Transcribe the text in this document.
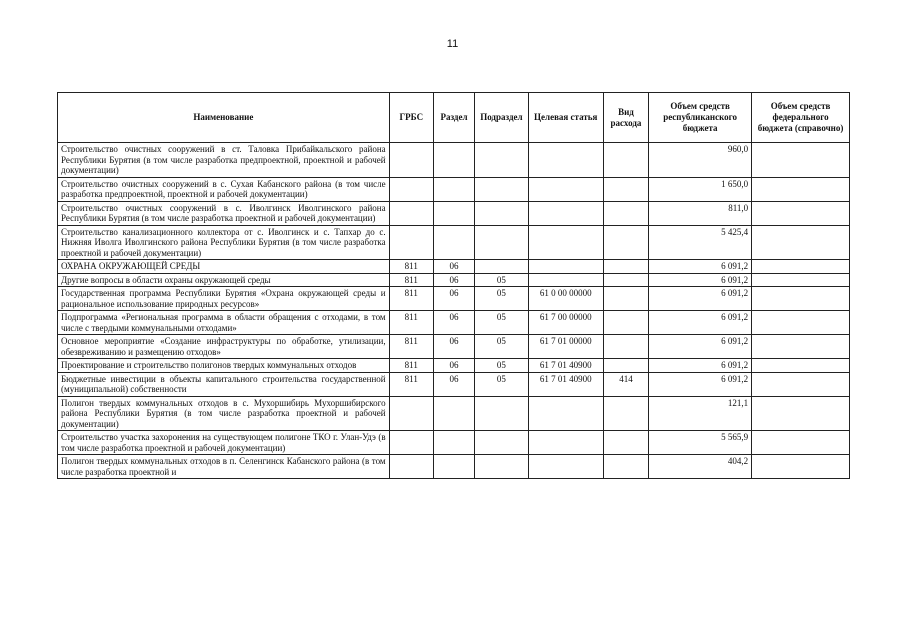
11
Наименование	ГРБС	Раздел	Подраздел	Целевая статья	Вид расхода	Объем средств республиканского бюджета	Объем средств федерального бюджета (справочно)
Строительство очистных сооружений в ст. Таловка Прибайкальского района Республики Бурятия (в том числе разработка предпроектной, проектной и рабочей документации)						960,0	
Строительство очистных сооружений в с. Сухая Кабанского района (в том числе разработка предпроектной, проектной и рабочей документации)						1 650,0	
Строительство очистных сооружений в с. Иволгинск Иволгинского района Республики Бурятия (в том числе разработка проектной и рабочей документации)						811,0	
Строительство канализационного коллектора от с. Иволгинск и с. Тапхар до с. Нижняя Иволга Иволгинского района Республики Бурятия (в том числе разработка проектной и рабочей документации)						5 425,4	
ОХРАНА ОКРУЖАЮЩЕЙ СРЕДЫ	811	06				6 091,2	
Другие вопросы в области охраны окружающей среды	811	06	05			6 091,2	
Государственная программа Республики Бурятия «Охрана окружающей среды и рациональное использование природных ресурсов»	811	06	05	61 0 00 00000		6 091,2	
Подпрограмма «Региональная программа в области обращения с отходами, в том числе с твердыми коммунальными отходами»	811	06	05	61 7 00 00000		6 091,2	
Основное мероприятие «Создание инфраструктуры по обработке, утилизации, обезвреживанию и размещению отходов»	811	06	05	61 7 01 00000		6 091,2	
Проектирование и строительство полигонов твердых коммунальных отходов	811	06	05	61 7 01 40900		6 091,2	
Бюджетные инвестиции в объекты капитального строительства государственной (муниципальной) собственности	811	06	05	61 7 01 40900	414	6 091,2	
Полигон твердых коммунальных отходов в с. Мухоршибирь Мухоршибирского района Республики Бурятия (в том числе разработка проектной и рабочей документации)						121,1	
Строительство участка захоронения на существующем полигоне ТКО г. Улан-Удэ (в том числе разработка проектной и рабочей документации)						5 565,9	
Полигон твердых коммунальных отходов в п. Селенгинск Кабанского района (в том числе разработка проектной и						404,2	
